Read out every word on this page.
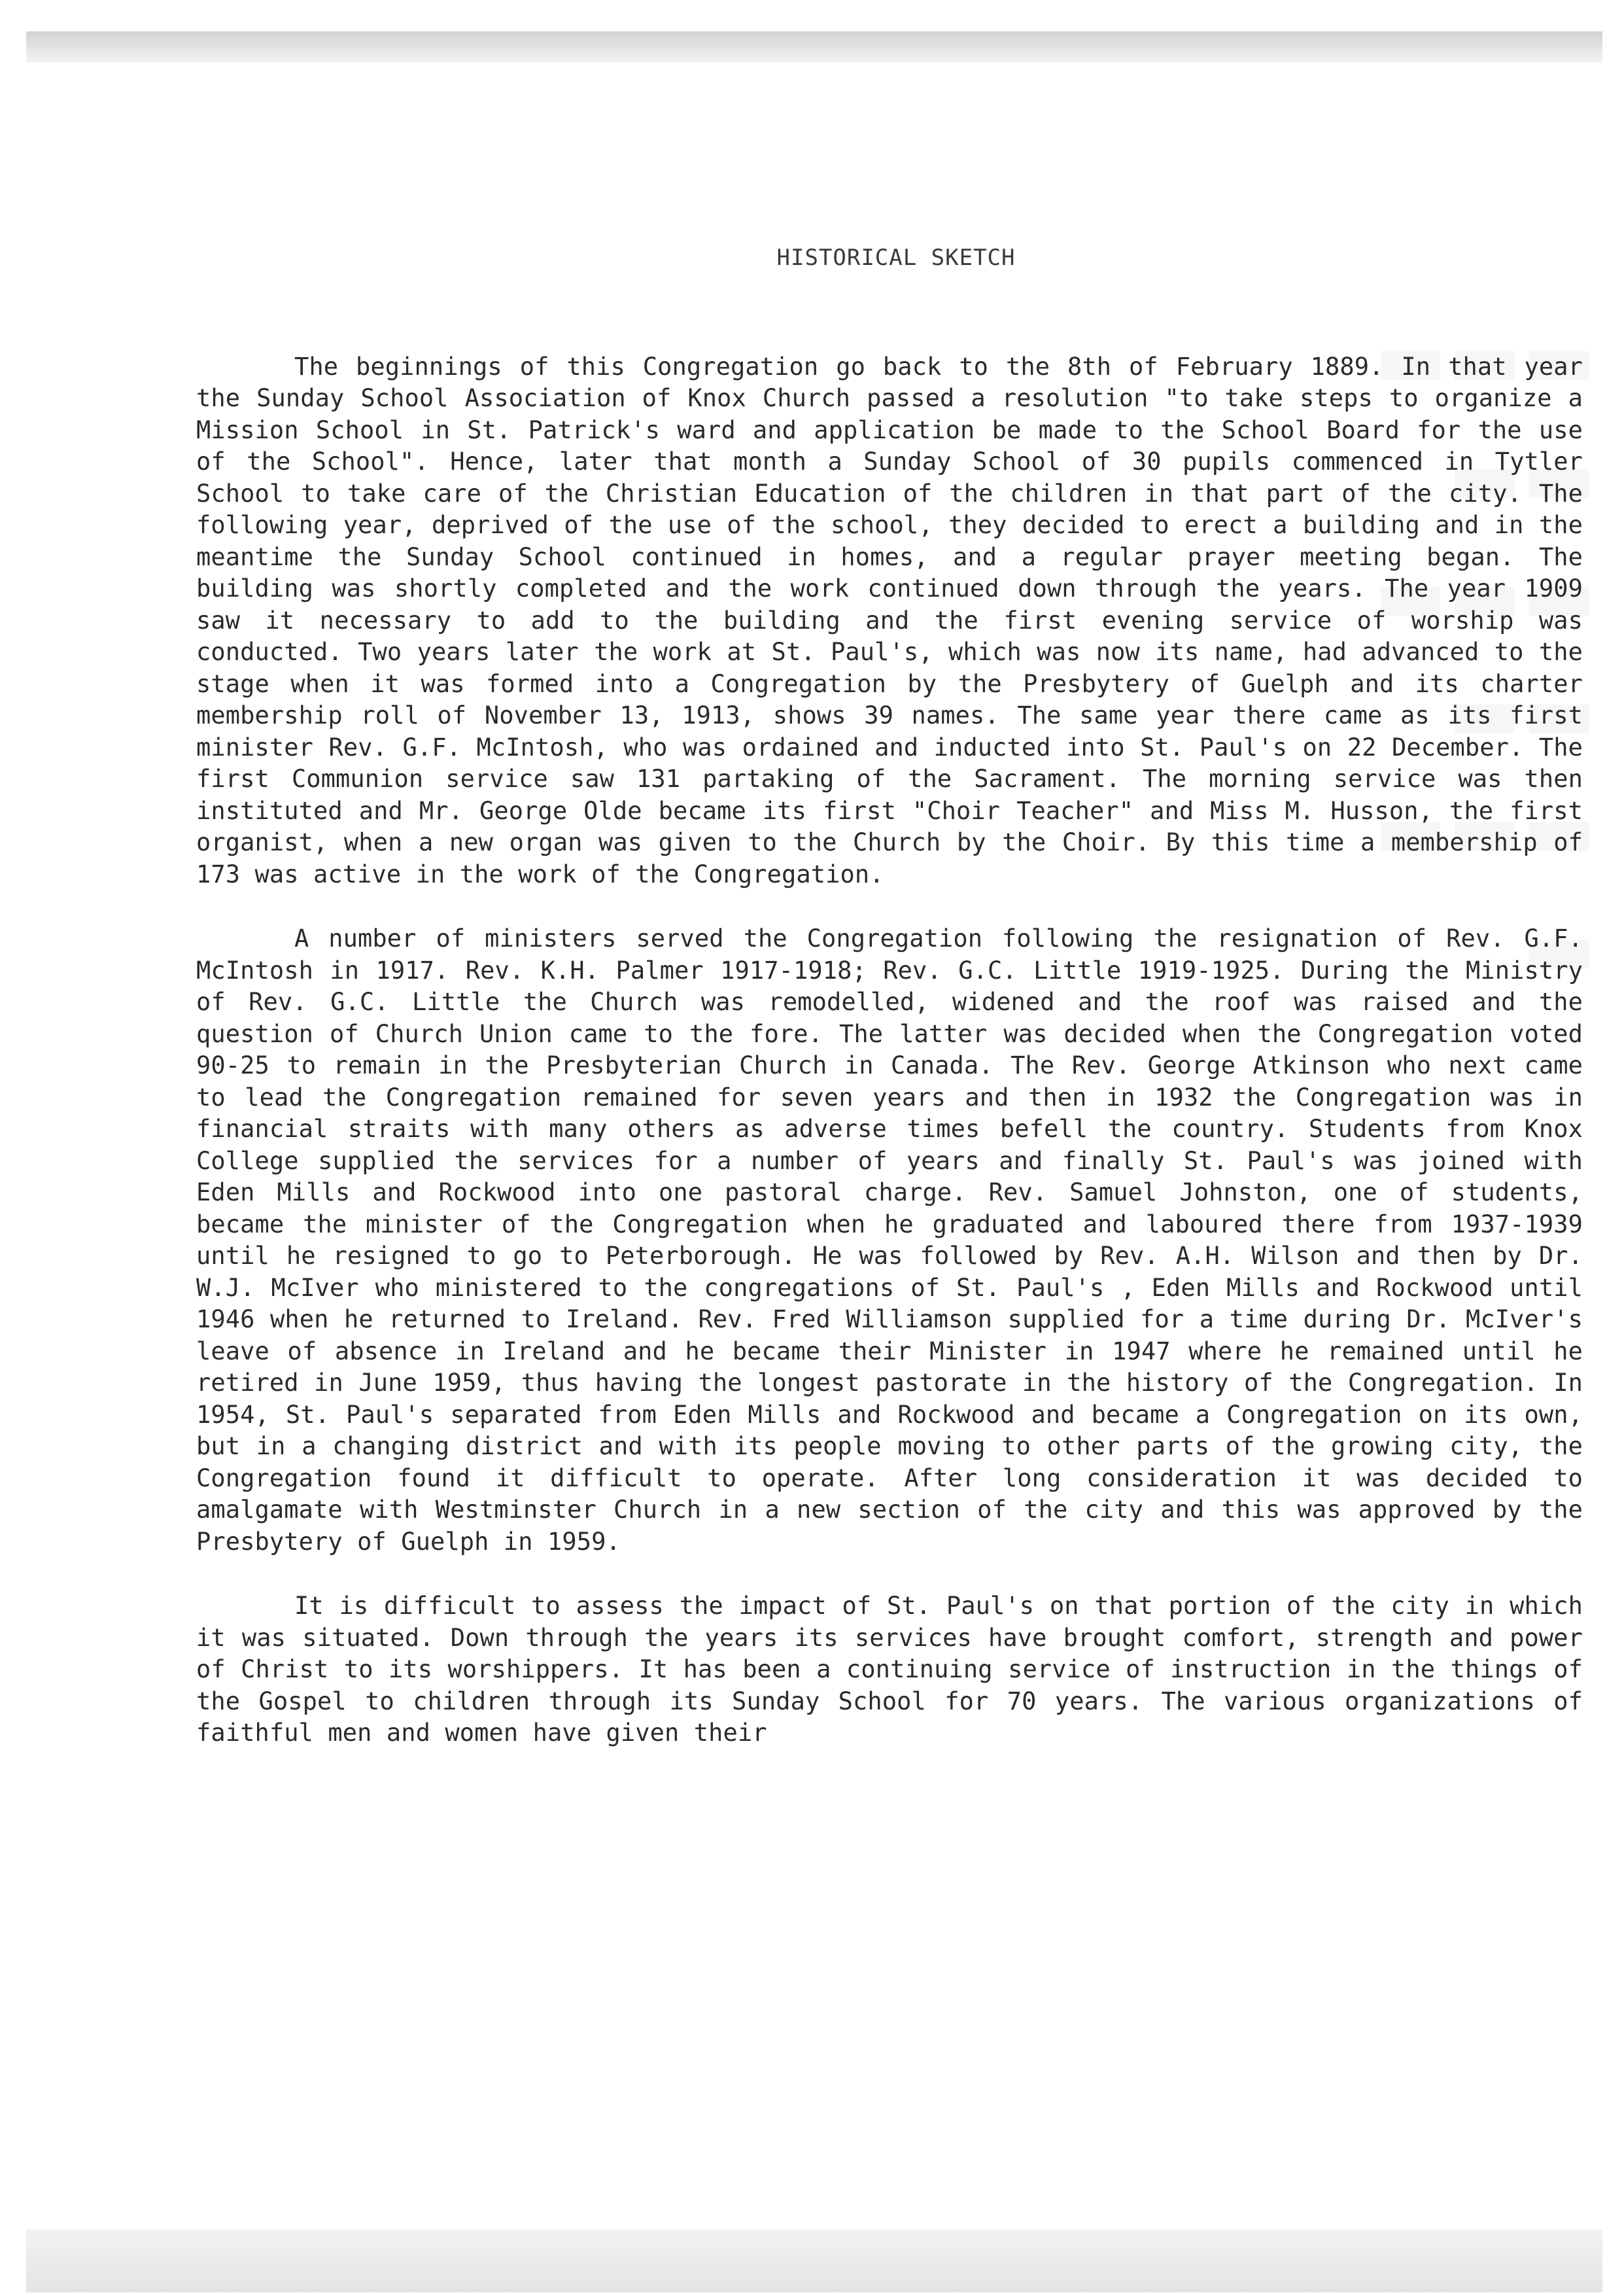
HISTORICAL SKETCH

The beginnings of this Congregation go back to the 8th of February 1889. In that year the Sunday School Association of Knox Church passed a resolution "to take steps to organize a Mission School in St. Patrick's ward and application be made to the School Board for the use of the School". Hence, later that month a Sunday School of 30 pupils commenced in Tytler School to take care of the Christian Education of the children in that part of the city. The following year, deprived of the use of the school, they decided to erect a building and in the meantime the Sunday School continued in homes, and a regular prayer meeting began. The building was shortly completed and the work continued down through the years. The year 1909 saw it necessary to add to the building and the first evening service of worship was conducted. Two years later the work at St. Paul's, which was now its name, had advanced to the stage when it was formed into a Congregation by the Presbytery of Guelph and its charter membership roll of November 13, 1913, shows 39 names. The same year there came as its first minister Rev. G.F. McIntosh, who was ordained and inducted into St. Paul's on 22 December. The first Communion service saw 131 partaking of the Sacrament. The morning service was then instituted and Mr. George Olde became its first "Choir Teacher" and Miss M. Husson, the first organist, when a new organ was given to the Church by the Choir. By this time a membership of 173 was active in the work of the Congregation.

A number of ministers served the Congregation following the resignation of Rev. G.F. McIntosh in 1917. Rev. K.H. Palmer 1917-1918; Rev. G.C. Little 1919-1925. During the Ministry of Rev. G.C. Little the Church was remodelled, widened and the roof was raised and the question of Church Union came to the fore. The latter was decided when the Congregation voted 90-25 to remain in the Presbyterian Church in Canada. The Rev. George Atkinson who next came to lead the Congregation remained for seven years and then in 1932 the Congregation was in financial straits with many others as adverse times befell the country. Students from Knox College supplied the services for a number of years and finally St. Paul's was joined with Eden Mills and Rockwood into one pastoral charge. Rev. Samuel Johnston, one of students, became the minister of the Congregation when he graduated and laboured there from 1937-1939 until he resigned to go to Peterborough. He was followed by Rev. A.H. Wilson and then by Dr. W.J. McIver who ministered to the congregations of St. Paul's , Eden Mills and Rockwood until 1946 when he returned to Ireland. Rev. Fred Williamson supplied for a time during Dr. McIver's leave of absence in Ireland and he became their Minister in 1947 where he remained until he retired in June 1959, thus having the longest pastorate in the history of the Congregation. In 1954, St. Paul's separated from Eden Mills and Rockwood and became a Congregation on its own, but in a changing district and with its people moving to other parts of the growing city, the Congregation found it difficult to operate. After long consideration it was decided to amalgamate with Westminster Church in a new section of the city and this was approved by the Presbytery of Guelph in 1959.

It is difficult to assess the impact of St. Paul's on that portion of the city in which it was situated. Down through the years its services have brought comfort, strength and power of Christ to its worshippers. It has been a continuing service of instruction in the things of the Gospel to children through its Sunday School for 70 years. The various organizations of faithful men and women have given their
